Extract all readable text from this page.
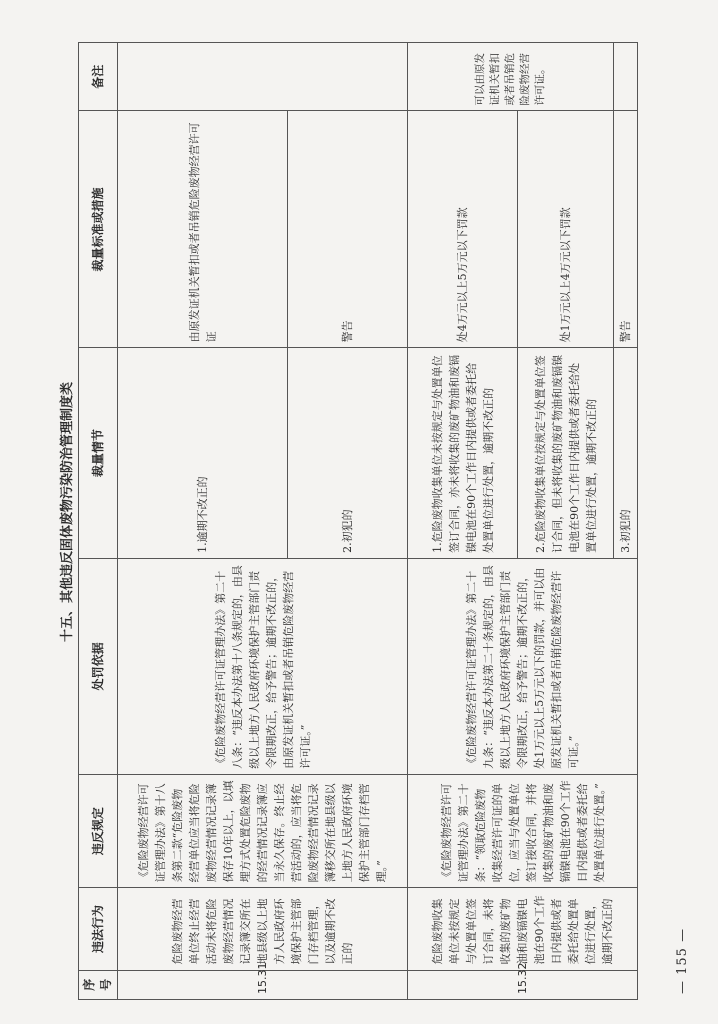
— 155 —
十五、其他违反固体废物污染防治管理制度类
序号	违法行为	违反规定	处罚依据	裁量情节	裁量标准或措施	备注
15.31	危险废物经营单位终止经营活动未将危险废物经营情况记录簿交所在地县级以上地方人民政府环境保护主管部门存档管理，以及逾期不改正的	《危险废物经营许可证管理办法》第十八条第二款“危险废物经营单位应当将危险废物经营情况记录簿保存10年以上，以填埋方式处置危险废物的经营情况记录簿应当永久保存。终止经营活动的，应当将危险废物经营情况记录簿移交所在地县级以上地方人民政府环境保护主管部门存档管理。”	《危险废物经营许可证管理办法》第二十八条：“违反本办法第十八条规定的，由县级以上地方人民政府环境保护主管部门责令限期改正，给予警告；逾期不改正的，由原发证机关暂扣或者吊销危险废物经营许可证。”	1.逾期不改正的	由原发证机关暂扣或者吊销危险废物经营许可证	
				2.初犯的	警告	
15.32	危险废物收集单位未按规定与处置单位签订合同，未将收集的废矿物油和废镉镍电池在90个工作日内提供或者委托给处置单位进行处置，逾期不改正的	《危险废物经营许可证管理办法》第二十条：“领取危险废物收集经营许可证的单位，应当与处置单位签订接收合同，并将收集的废矿物油和废镉镍电池在90个工作日内提供或者委托给处置单位进行处置。”	《危险废物经营许可证管理办法》第二十九条：“违反本办法第二十条规定的，由县级以上地方人民政府环境保护主管部门责令限期改正，给予警告；逾期不改正的，处1万元以上5万元以下的罚款，并可以由原发证机关暂扣或者吊销危险废物经营许可证。”	1.危险废物收集单位未按规定与处置单位签订合同，亦未将收集的废矿物油和废镉镍电池在90个工作日内提供或者委托给处置单位进行处置，逾期不改正的	处4万元以上5万元以下罚款	可以由原发证机关暂扣或者吊销危险废物经营许可证。
				2.危险废物收集单位按规定与处置单位签订合同，但未将收集的废矿物油和废镉镍电池在90个工作日内提供或者委托给处置单位进行处置，逾期不改正的	处1万元以上4万元以下罚款	
				3.初犯的	警告	
